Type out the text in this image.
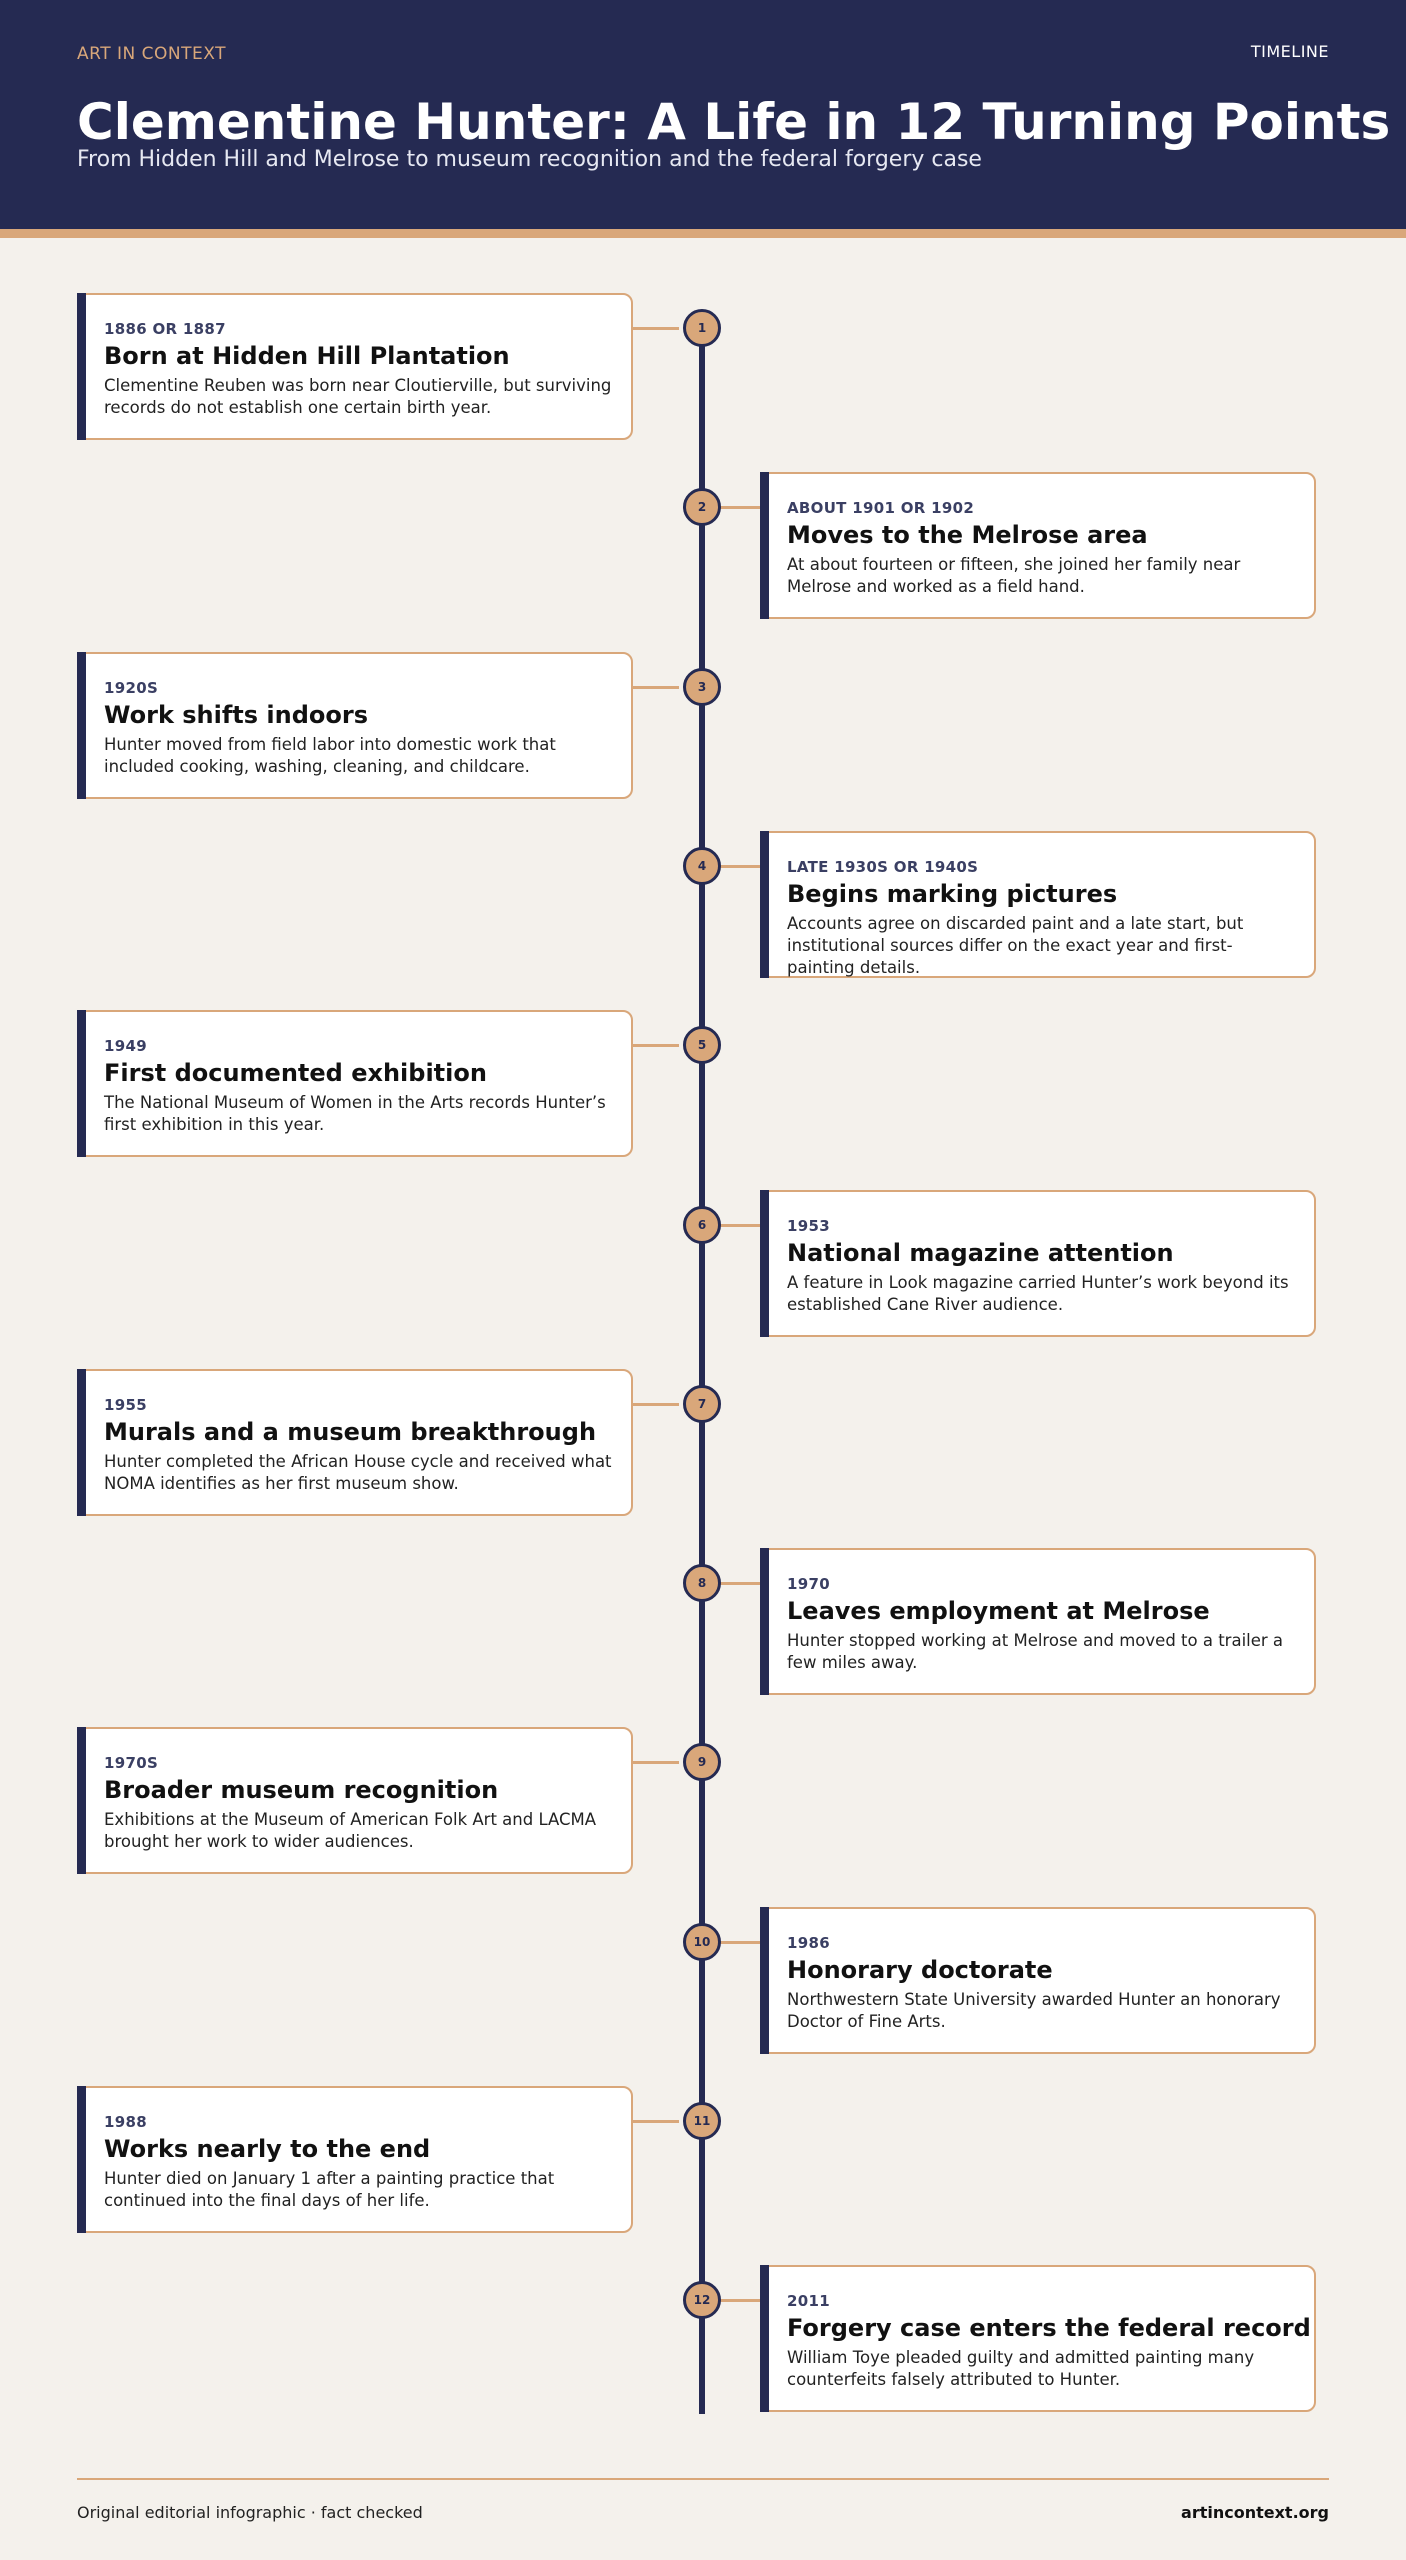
ART IN CONTEXT	TIMELINE
Clementine Hunter: A Life in 12 Turning Points
From Hidden Hill and Melrose to museum recognition and the federal forgery case
1886 OR 1887
Born at Hidden Hill Plantation

Clementine Reuben was born near Cloutierville, but surviving records do not establish one certain birth year.

1
ABOUT 1901 OR 1902
Moves to the Melrose area

At about fourteen or fifteen, she joined her family near Melrose and worked as a field hand.

2
1920S
Work shifts indoors

Hunter moved from field labor into domestic work that included cooking, washing, cleaning, and childcare.

3
LATE 1930S OR 1940S
Begins marking pictures

Accounts agree on discarded paint and a late start, but institutional sources differ on the exact year and first-painting details.

4
1949
First documented exhibition

The National Museum of Women in the Arts records Hunter’s first exhibition in this year.

5
1953
National magazine attention

A feature in Look magazine carried Hunter’s work beyond its established Cane River audience.

6
1955
Murals and a museum breakthrough

Hunter completed the African House cycle and received what NOMA identifies as her first museum show.

7
1970
Leaves employment at Melrose

Hunter stopped working at Melrose and moved to a trailer a few miles away.

8
1970S
Broader museum recognition

Exhibitions at the Museum of American Folk Art and LACMA brought her work to wider audiences.

9
1986
Honorary doctorate

Northwestern State University awarded Hunter an honorary Doctor of Fine Arts.

10
1988
Works nearly to the end

Hunter died on January 1 after a painting practice that continued into the final days of her life.

11
2011
Forgery case enters the federal record

William Toye pleaded guilty and admitted painting many counterfeits falsely attributed to Hunter.

12
Original editorial infographic · fact checked	artincontext.org
